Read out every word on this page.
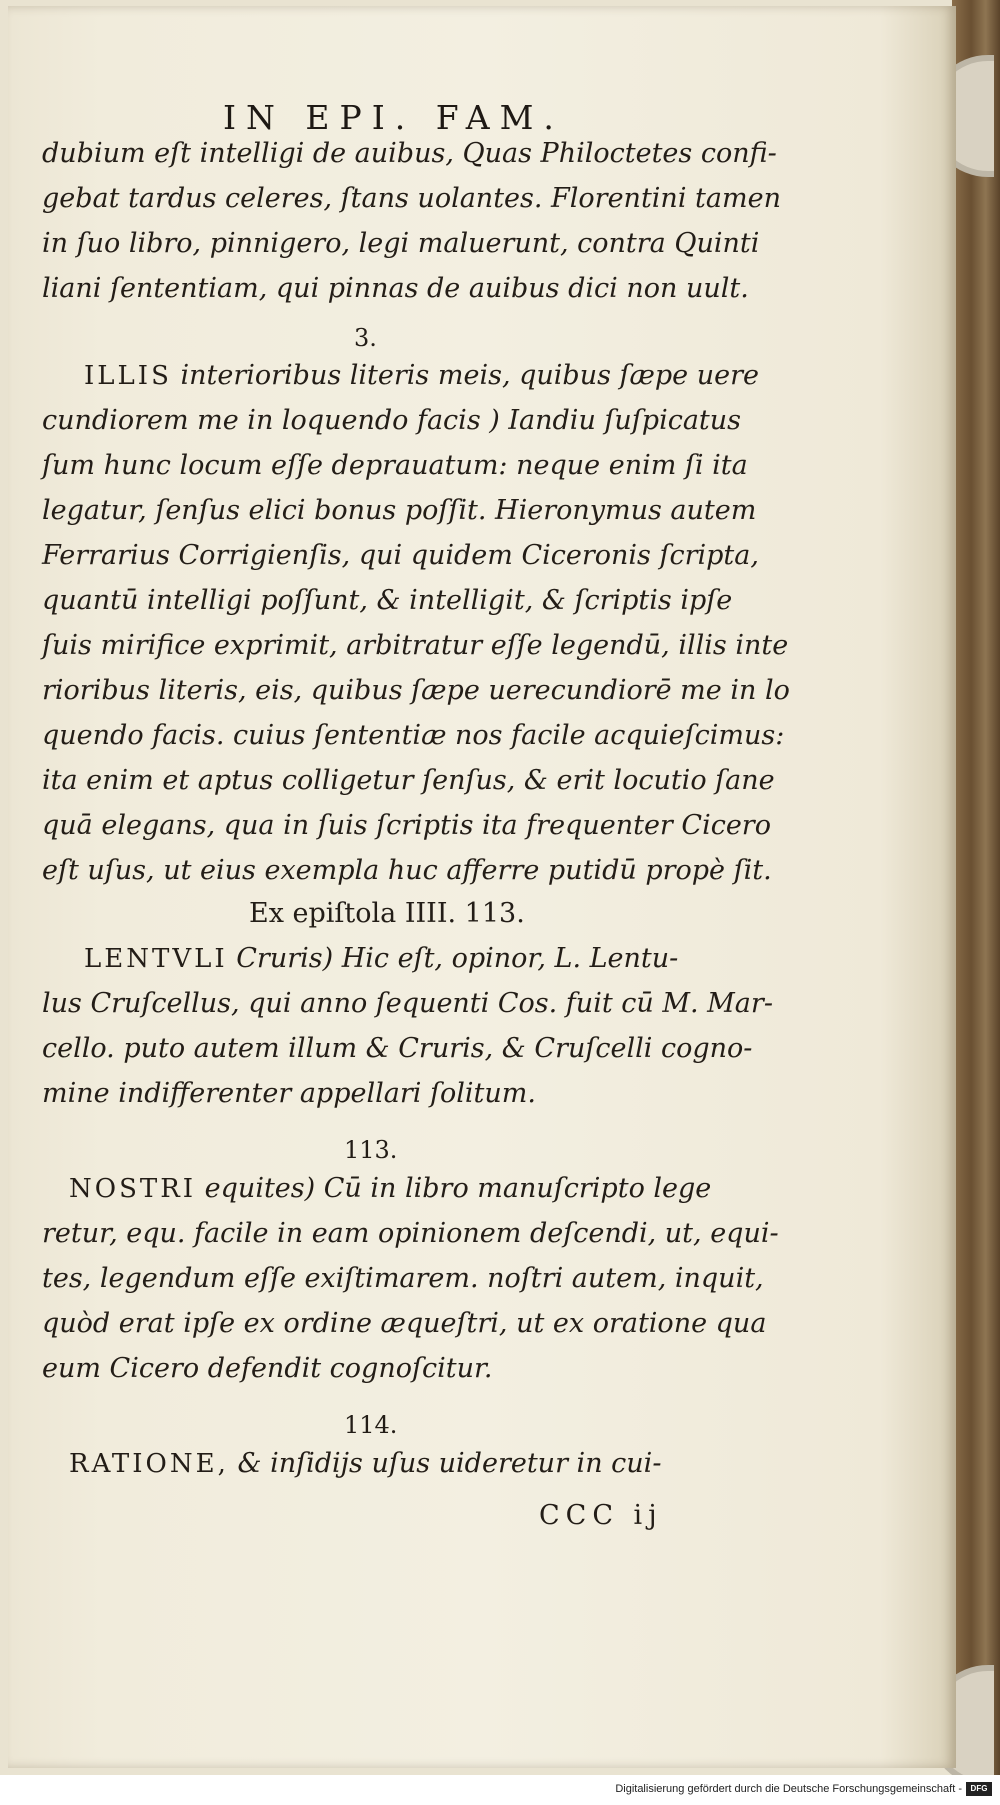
IN EPI. FAM.
dubium eſt intelligi de auibus, Quas Philoctetes confi-
gebat tardus celeres, ſtans uolantes. Florentini tamen
in ſuo libro, pinnigero, legi maluerunt, contra Quinti
liani ſententiam, qui pinnas de auibus dici non uult.
3.
ILLIS interioribus literis meis, quibus ſæpe uere
cundiorem me in loquendo facis ) Iandiu ſuſpicatus
ſum hunc locum eſſe deprauatum: neque enim ſi ita
legatur, ſenſus elici bonus poſſit. Hieronymus autem
Ferrarius Corrigienſis, qui quidem Ciceronis ſcripta,
quantū intelligi poſſunt, & intelligit, & ſcriptis ipſe
ſuis mirifice exprimit, arbitratur eſſe legendū, illis inte
rioribus literis, eis, quibus ſæpe uerecundiorē me in lo
quendo facis. cuius ſententiæ nos facile acquieſcimus:
ita enim et aptus colligetur ſenſus, & erit locutio ſane
quā elegans, qua in ſuis ſcriptis ita frequenter Cicero
eſt uſus, ut eius exempla huc afferre putidū propè ſit.
Ex epiſtola IIII. 113.
LENTVLI Cruris) Hic eſt, opinor, L. Lentu-
lus Cruſcellus, qui anno ſequenti Cos. fuit cū M. Mar-
cello. puto autem illum & Cruris, & Cruſcelli cogno-
mine indifferenter appellari ſolitum.
113.
NOSTRI equites) Cū in libro manuſcripto lege
retur, equ. facile in eam opinionem deſcendi, ut, equi-
tes, legendum eſſe exiſtimarem. noſtri autem, inquit,
quòd erat ipſe ex ordine æqueſtri, ut ex oratione qua
eum Cicero defendit cognoſcitur.
114.
RATIONE, & inſidijs uſus uideretur in cui-
CCC ij
Digitalisierung gefördert durch die Deutsche Forschungsgemeinschaft -	DFG
